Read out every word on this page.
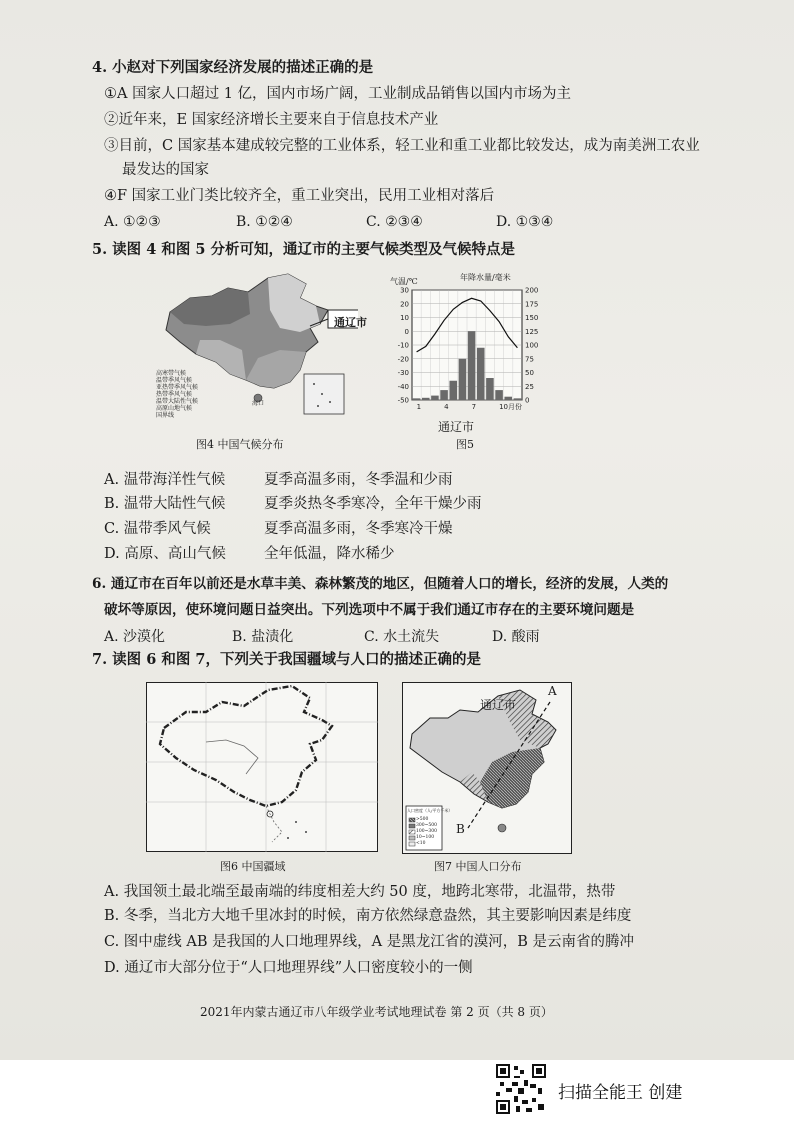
4. 小赵对下列国家经济发展的描述正确的是
①A 国家人口超过 1 亿，国内市场广阔，工业制成品销售以国内市场为主
②近年来，E 国家经济增长主要来自于信息技术产业
③目前，C 国家基本建成较完整的工业体系，轻工业和重工业都比较发达，成为南美洲工农业
最发达的国家
④F 国家工业门类比较齐全，重工业突出，民用工业相对落后
A. ①②③	B. ①②④	C. ②③④	D. ①③④
5. 读图 4 和图 5 分析可知，通辽市的主要气候类型及气候特点是
通辽市
高寒带气候
温带季风气候
亚热带季风气候
热带季风气候
温带大陆性气候
高原山地气候
国界线
海口
图4 中国气候分布
气温/℃	年降水量/毫米
30
20
10
0
-10
-20
-30
-40
-50
200
175
150
125
100
75
50
25
0
1	4	7	10月份
通辽市
图5
A. 温带海洋性气候	夏季高温多雨，冬季温和少雨
B. 温带大陆性气候	夏季炎热冬季寒冷，全年干燥少雨
C. 温带季风气候	夏季高温多雨，冬季寒冷干燥
D. 高原、高山气候	全年低温，降水稀少
6. 通辽市在百年以前还是水草丰美、森林繁茂的地区，但随着人口的增长，经济的发展，人类的
破坏等原因，使环境问题日益突出。下列选项中不属于我们通辽市存在的主要环境问题是
A. 沙漠化	B. 盐渍化	C. 水土流失	D. 酸雨
7. 读图 6 和图 7，下列关于我国疆域与人口的描述正确的是
图6 中国疆域
通辽市
A
B
人口密度（人/平方千米）
>500
300~500
100~300
10~100
<10
图7 中国人口分布
A. 我国领土最北端至最南端的纬度相差大约 50 度，地跨北寒带，北温带，热带
B. 冬季，当北方大地千里冰封的时候，南方依然绿意盎然，其主要影响因素是纬度
C. 图中虚线 AB 是我国的人口地理界线，A 是黑龙江省的漠河，B 是云南省的腾冲
D. 通辽市大部分位于“人口地理界线”人口密度较小的一侧
2021年内蒙古通辽市八年级学业考试地理试卷 第 2 页（共 8 页）
扫描全能王 创建
